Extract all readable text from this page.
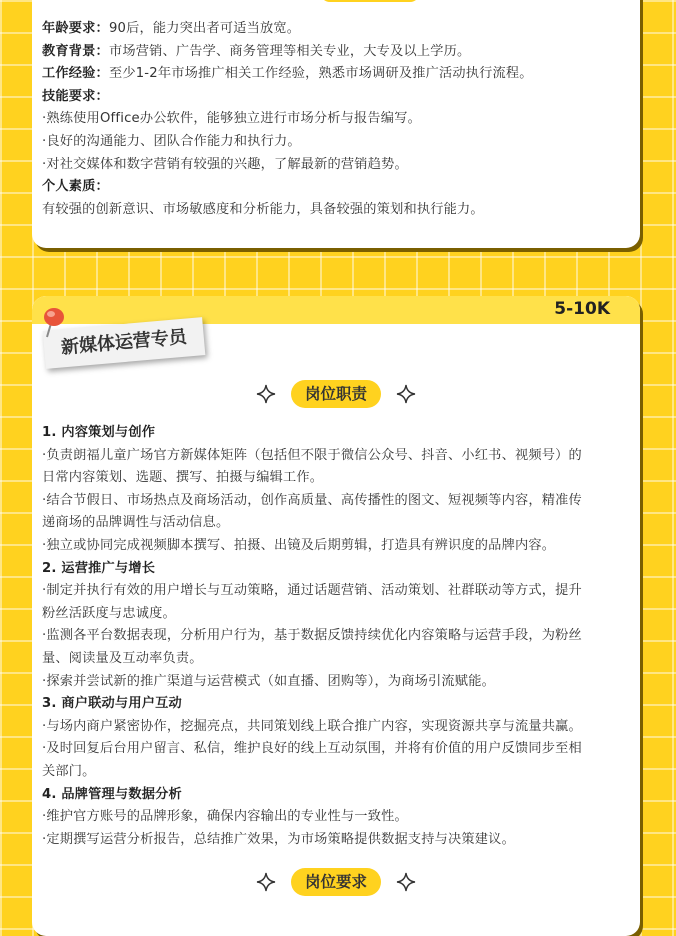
年龄要求：90后，能力突出者可适当放宽。
教育背景：市场营销、广告学、商务管理等相关专业，大专及以上学历。
工作经验：至少1-2年市场推广相关工作经验，熟悉市场调研及推广活动执行流程。
技能要求：
·熟练使用Office办公软件，能够独立进行市场分析与报告编写。
·良好的沟通能力、团队合作能力和执行力。
·对社交媒体和数字营销有较强的兴趣，了解最新的营销趋势。
个人素质：
有较强的创新意识、市场敏感度和分析能力，具备较强的策划和执行能力。
5-10K
新媒体运营专员
岗位职责
1. 内容策划与创作
·负责朗福儿童广场官方新媒体矩阵（包括但不限于微信公众号、抖音、小红书、视频号）的
日常内容策划、选题、撰写、拍摄与编辑工作。
·结合节假日、市场热点及商场活动，创作高质量、高传播性的图文、短视频等内容，精准传
递商场的品牌调性与活动信息。
·独立或协同完成视频脚本撰写、拍摄、出镜及后期剪辑，打造具有辨识度的品牌内容。
2. 运营推广与增长
·制定并执行有效的用户增长与互动策略，通过话题营销、活动策划、社群联动等方式，提升
粉丝活跃度与忠诚度。
·监测各平台数据表现，分析用户行为，基于数据反馈持续优化内容策略与运营手段，为粉丝
量、阅读量及互动率负责。
·探索并尝试新的推广渠道与运营模式（如直播、团购等），为商场引流赋能。
3. 商户联动与用户互动
·与场内商户紧密协作，挖掘亮点，共同策划线上联合推广内容，实现资源共享与流量共赢。
·及时回复后台用户留言、私信，维护良好的线上互动氛围，并将有价值的用户反馈同步至相
关部门。
4. 品牌管理与数据分析
·维护官方账号的品牌形象，确保内容输出的专业性与一致性。
·定期撰写运营分析报告，总结推广效果，为市场策略提供数据支持与决策建议。
岗位要求
